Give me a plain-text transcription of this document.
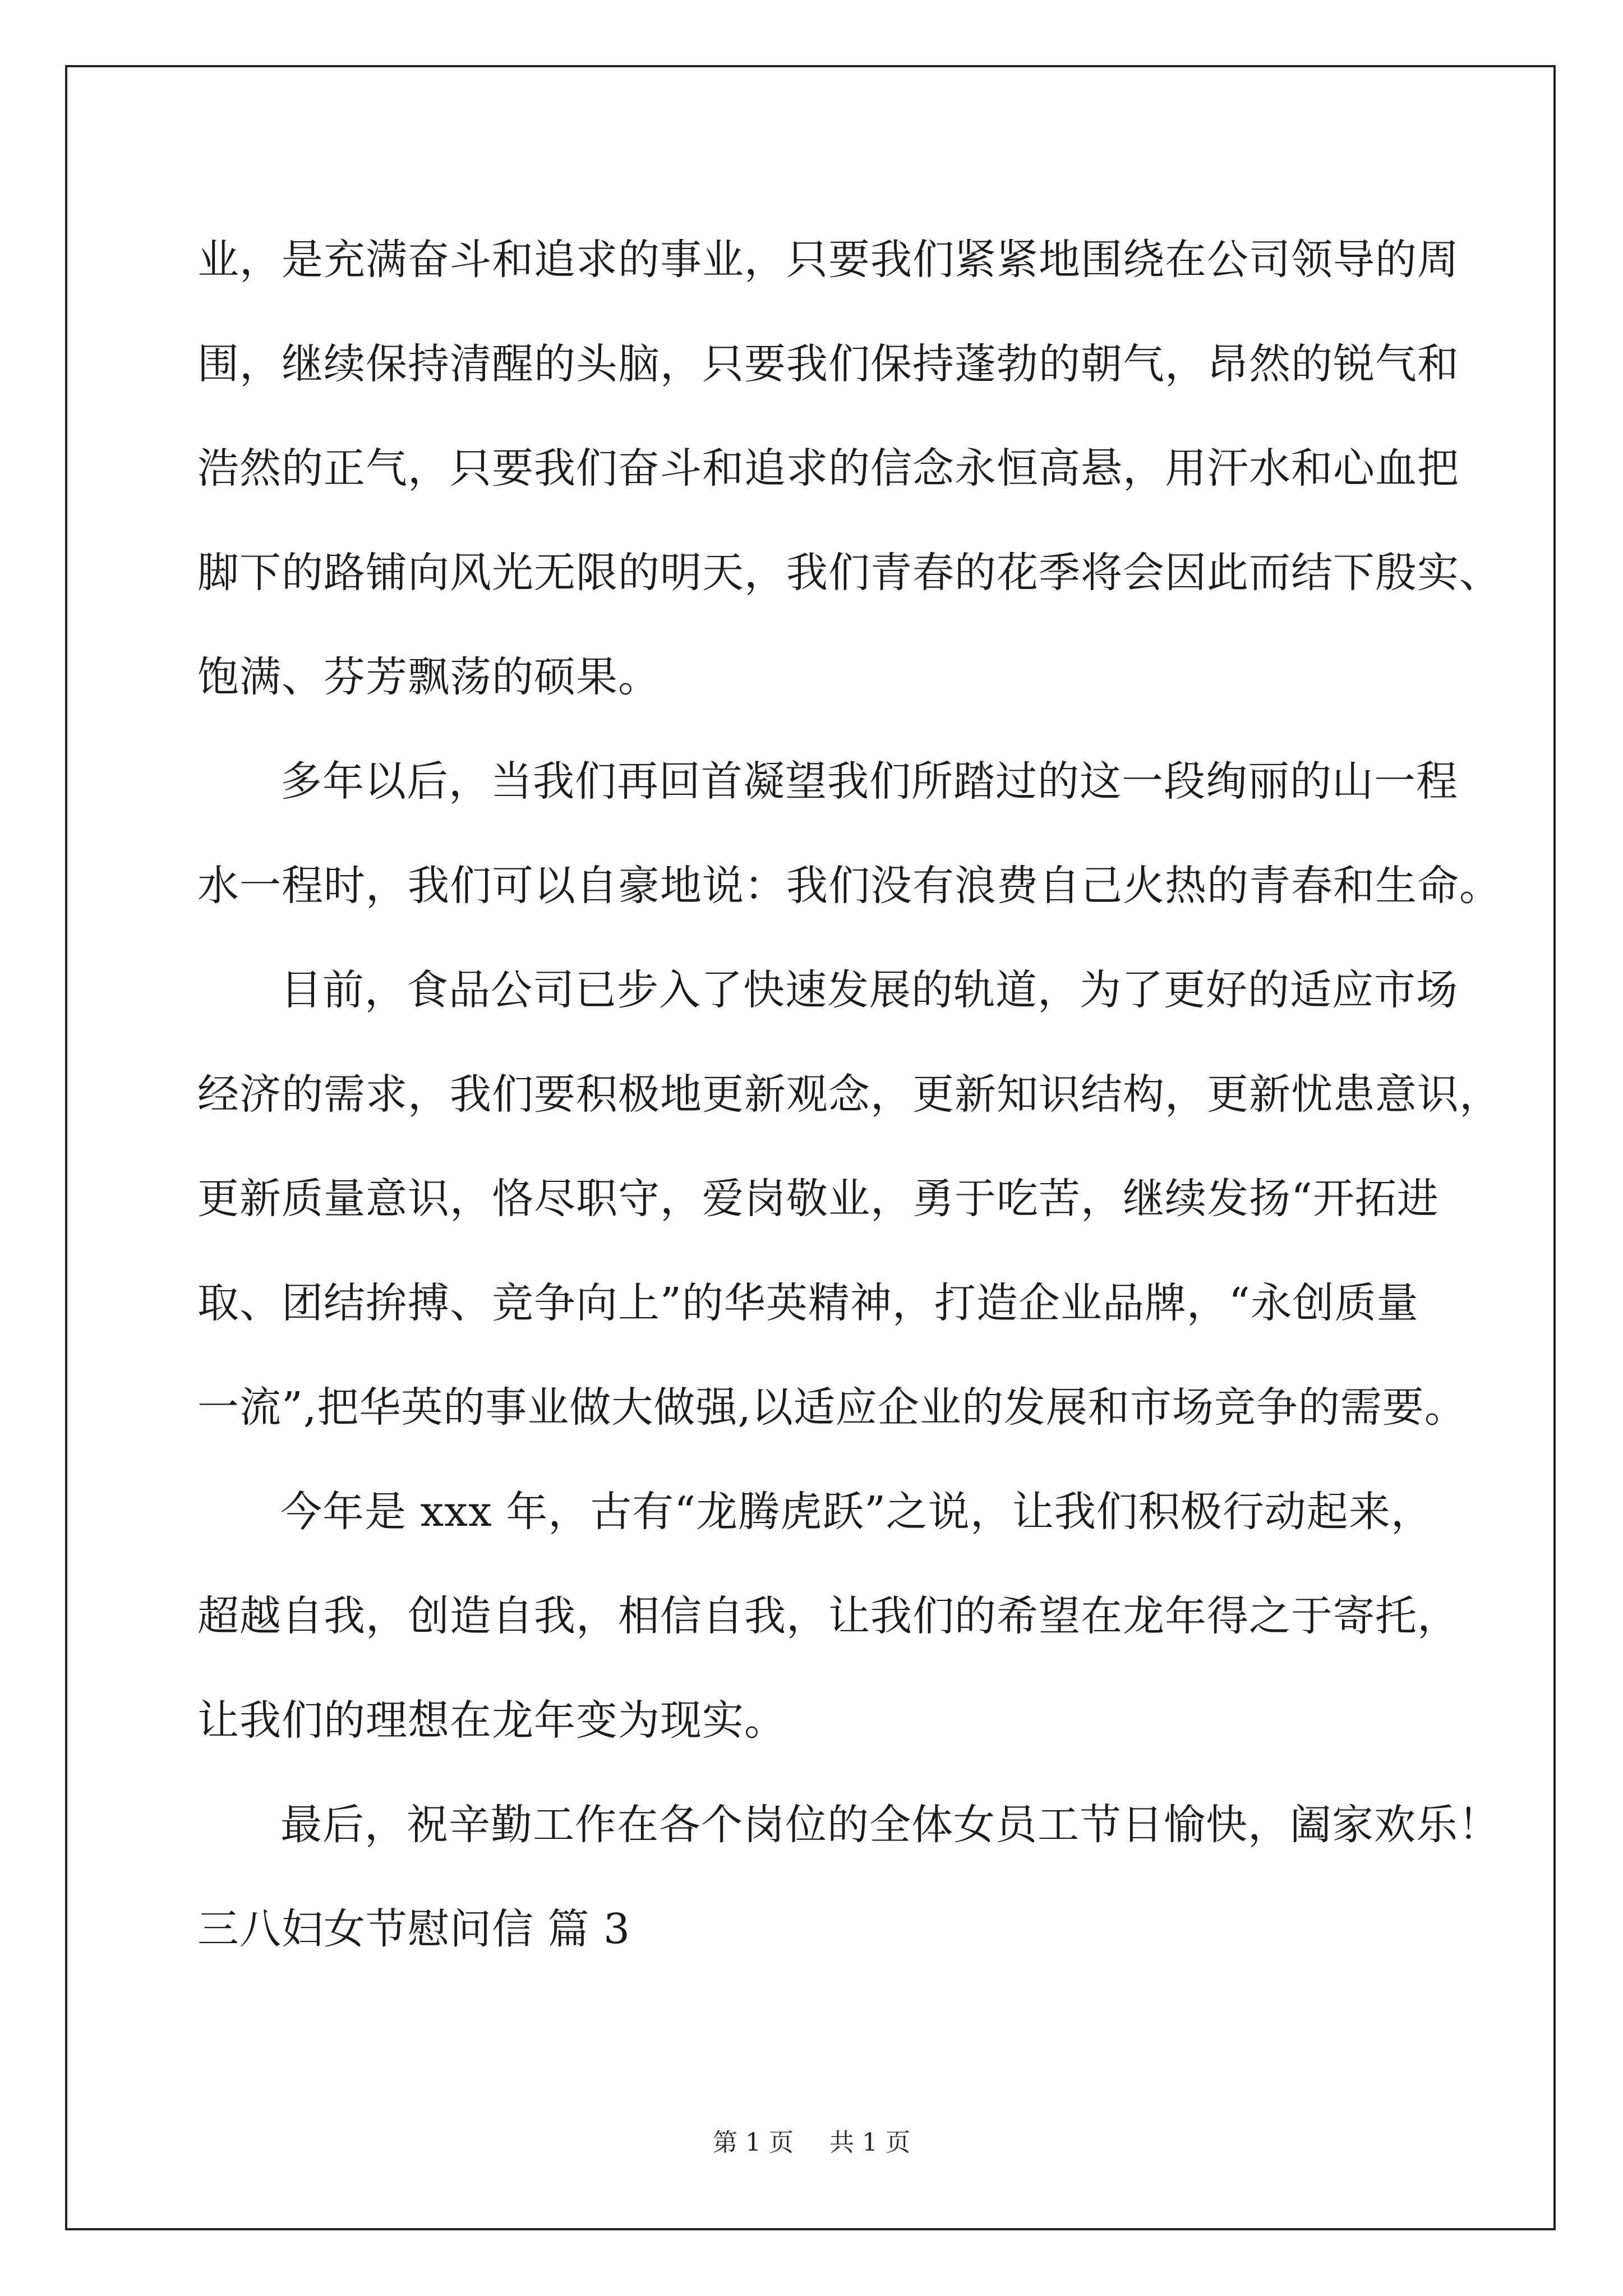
业，是充满奋斗和追求的事业，只要我们紧紧地围绕在公司领导的周
围，继续保持清醒的头脑，只要我们保持蓬勃的朝气，昂然的锐气和
浩然的正气，只要我们奋斗和追求的信念永恒高悬，用汗水和心血把
脚下的路铺向风光无限的明天，我们青春的花季将会因此而结下殷实、
饱满、芬芳飘荡的硕果。
多年以后，当我们再回首凝望我们所踏过的这一段绚丽的山一程
水一程时，我们可以自豪地说：我们没有浪费自己火热的青春和生命。
目前，食品公司已步入了快速发展的轨道，为了更好的适应市场
经济的需求，我们要积极地更新观念，更新知识结构，更新忧患意识，
更新质量意识，恪尽职守，爱岗敬业，勇于吃苦，继续发扬“开拓进
取、团结拚搏、竞争向上”的华英精神，打造企业品牌，“永创质量
一流”,把华英的事业做大做强,以适应企业的发展和市场竞争的需要。
今年是 xxx 年，古有“龙腾虎跃”之说，让我们积极行动起来，
超越自我，创造自我，相信自我，让我们的希望在龙年得之于寄托，
让我们的理想在龙年变为现实。
最后，祝辛勤工作在各个岗位的全体女员工节日愉快，阖家欢乐！
三八妇女节慰问信 篇 3
第 1 页 共 1 页
